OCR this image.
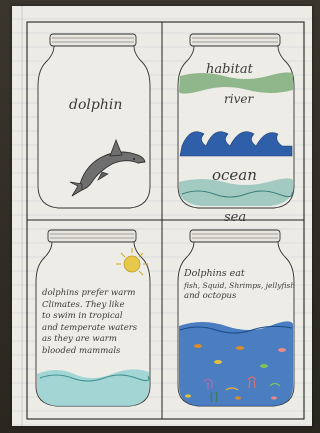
dolphin
habitat
river
ocean
sea
dolphins prefer warm
Climates. They like
to swim in tropical
and temperate waters
as they are warm
blooded mammals
Dolphins eat
fish, Squid, Shrimps, jellyfish
and octopus
